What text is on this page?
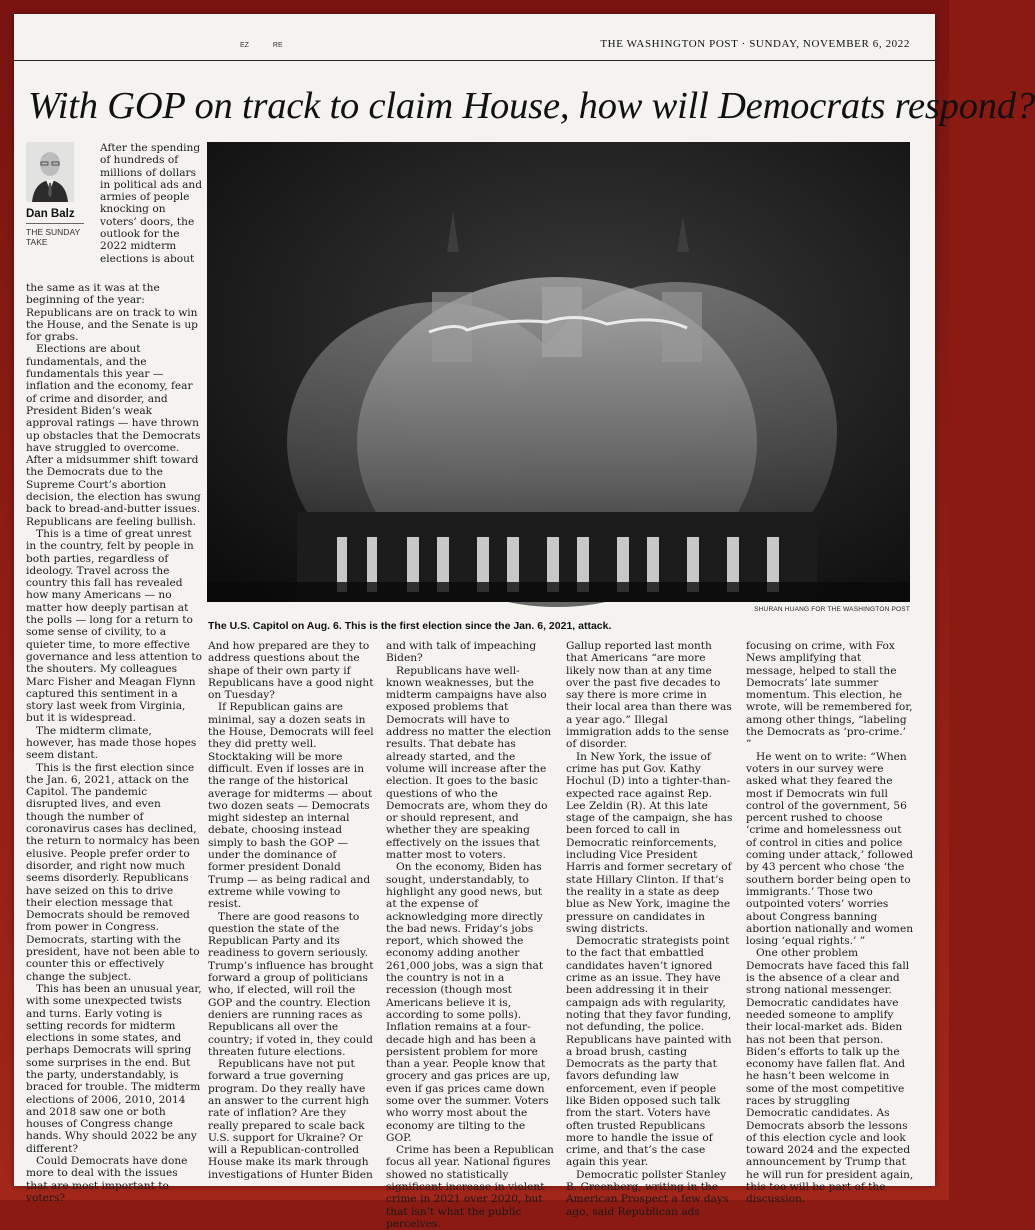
EZ	RE	THE WASHINGTON POST · SUNDAY, NOVEMBER 6, 2022
With GOP on track to claim House, how will Democrats respond?
Dan Balz
THE SUNDAY TAKE

After the spending of hundreds of millions of dollars in political ads and armies of people knocking on voters’ doors, the outlook for the 2022 midterm elections is about

SHURAN HUANG FOR THE WASHINGTON POST
The U.S. Capitol on Aug. 6. This is the first election since the Jan. 6, 2021, attack.

the same as it was at the beginning of the year: Republicans are on track to win the House, and the Senate is up for grabs.

Elections are about fundamentals, and the fundamentals this year — inflation and the economy, fear of crime and disorder, and President Biden’s weak approval ratings — have thrown up obstacles that the Democrats have struggled to overcome. After a midsummer shift toward the Democrats due to the Supreme Court’s abortion decision, the election has swung back to bread-and-butter issues. Republicans are feeling bullish.

This is a time of great unrest in the country, felt by people in both parties, regardless of ideology. Travel across the country this fall has revealed how many Americans — no matter how deeply partisan at the polls — long for a return to some sense of civility, to a quieter time, to more effective governance and less attention to the shouters. My colleagues Marc Fisher and Meagan Flynn captured this sentiment in a story last week from Virginia, but it is widespread.

The midterm climate, however, has made those hopes seem distant.

This is the first election since the Jan. 6, 2021, attack on the Capitol. The pandemic disrupted lives, and even though the number of coronavirus cases has declined, the return to normalcy has been elusive. People prefer order to disorder, and right now much seems disorderly. Republicans have seized on this to drive their election message that Democrats should be removed from power in Congress. Democrats, starting with the president, have not been able to counter this or effectively change the subject.

This has been an unusual year, with some unexpected twists and turns. Early voting is setting records for midterm elections in some states, and perhaps Democrats will spring some surprises in the end. But the party, understandably, is braced for trouble. The midterm elections of 2006, 2010, 2014 and 2018 saw one or both houses of Congress change hands. Why should 2022 be any different?

Could Democrats have done more to deal with the issues that are most important to voters?

And how prepared are they to address questions about the shape of their own party if Republicans have a good night on Tuesday?

If Republican gains are minimal, say a dozen seats in the House, Democrats will feel they did pretty well. Stocktaking will be more difficult. Even if losses are in the range of the historical average for midterms — about two dozen seats — Democrats might sidestep an internal debate, choosing instead simply to bash the GOP — under the dominance of former president Donald Trump — as being radical and extreme while vowing to resist.

There are good reasons to question the state of the Republican Party and its readiness to govern seriously. Trump’s influence has brought forward a group of politicians who, if elected, will roil the GOP and the country. Election deniers are running races as Republicans all over the country; if voted in, they could threaten future elections.

Republicans have not put forward a true governing program. Do they really have an answer to the current high rate of inflation? Are they really prepared to scale back U.S. support for Ukraine? Or will a Republican-controlled House make its mark through investigations of Hunter Biden

and with talk of impeaching Biden?

Republicans have well-known weaknesses, but the midterm campaigns have also exposed problems that Democrats will have to address no matter the election results. That debate has already started, and the volume will increase after the election. It goes to the basic questions of who the Democrats are, whom they do or should represent, and whether they are speaking effectively on the issues that matter most to voters.

On the economy, Biden has sought, understandably, to highlight any good news, but at the expense of acknowledging more directly the bad news. Friday’s jobs report, which showed the economy adding another 261,000 jobs, was a sign that the country is not in a recession (though most Americans believe it is, according to some polls). Inflation remains at a four-decade high and has been a persistent problem for more than a year. People know that grocery and gas prices are up, even if gas prices came down some over the summer. Voters who worry most about the economy are tilting to the GOP.

Crime has been a Republican focus all year. National figures showed no statistically significant increase in violent crime in 2021 over 2020, but that isn’t what the public perceives.

Gallup reported last month that Americans “are more likely now than at any time over the past five decades to say there is more crime in their local area than there was a year ago.” Illegal immigration adds to the sense of disorder.

In New York, the issue of crime has put Gov. Kathy Hochul (D) into a tighter-than-expected race against Rep. Lee Zeldin (R). At this late stage of the campaign, she has been forced to call in Democratic reinforcements, including Vice President Harris and former secretary of state Hillary Clinton. If that’s the reality in a state as deep blue as New York, imagine the pressure on candidates in swing districts.

Democratic strategists point to the fact that embattled candidates haven’t ignored crime as an issue. They have been addressing it in their campaign ads with regularity, noting that they favor funding, not defunding, the police. Republicans have painted with a broad brush, casting Democrats as the party that favors defunding law enforcement, even if people like Biden opposed such talk from the start. Voters have often trusted Republicans more to handle the issue of crime, and that’s the case again this year.

Democratic pollster Stanley B. Greenberg, writing in the American Prospect a few days ago, said Republican ads

focusing on crime, with Fox News amplifying that message, helped to stall the Democrats’ late summer momentum. This election, he wrote, will be remembered for, among other things, “labeling the Democrats as ‘pro-crime.’ ”

He went on to write: “When voters in our survey were asked what they feared the most if Democrats win full control of the government, 56 percent rushed to choose ‘crime and homelessness out of control in cities and police coming under attack,’ followed by 43 percent who chose ‘the southern border being open to immigrants.’ Those two outpointed voters’ worries about Congress banning abortion nationally and women losing ‘equal rights.’ ”

One other problem Democrats have faced this fall is the absence of a clear and strong national messenger. Democratic candidates have needed someone to amplify their local-market ads. Biden has not been that person. Biden’s efforts to talk up the economy have fallen flat. And he hasn’t been welcome in some of the most competitive races by struggling Democratic candidates. As Democrats absorb the lessons of this election cycle and look toward 2024 and the expected announcement by Trump that he will run for president again, this too will be part of the discussion.
